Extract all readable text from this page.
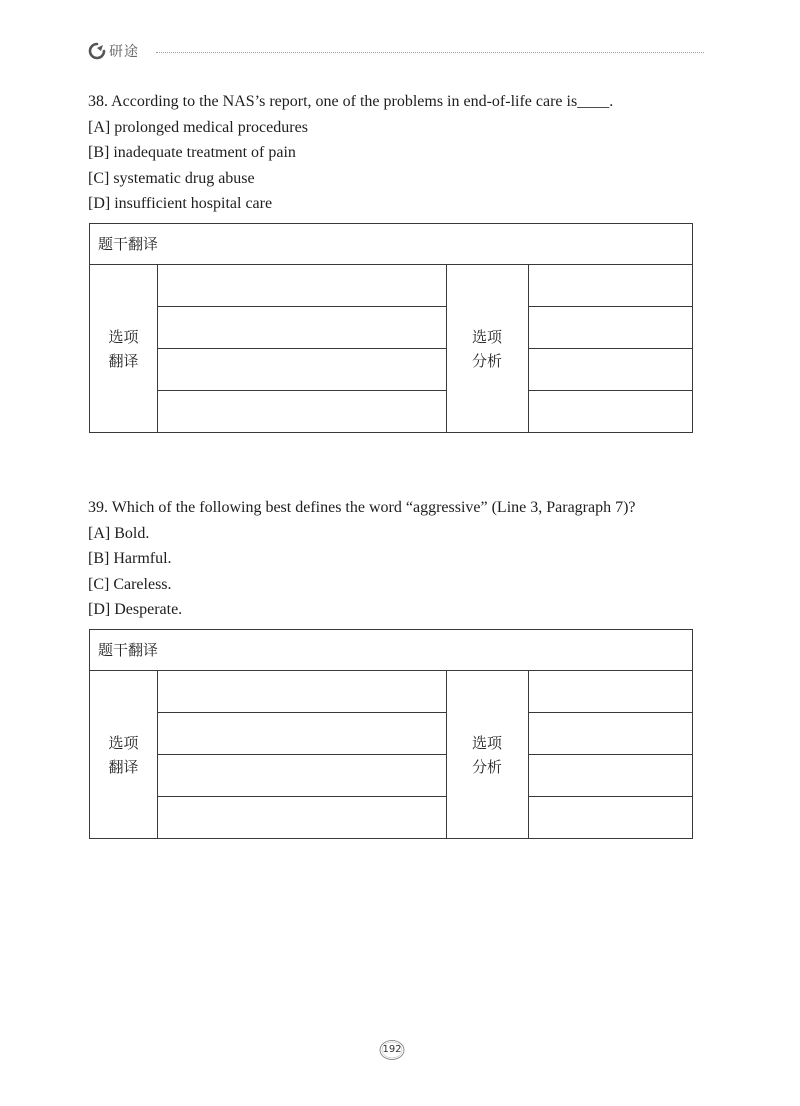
研途
38. According to the NAS’s report, one of the problems in end-of-life care is____.
[A] prolonged medical procedures
[B] inadequate treatment of pain
[C] systematic drug abuse
[D] insufficient hospital care
题干翻译
选项
翻译
选项
分析
39. Which of the following best defines the word “aggressive” (Line 3, Paragraph 7)?
[A] Bold.
[B] Harmful.
[C] Careless.
[D] Desperate.
题干翻译
选项
翻译
选项
分析
192
